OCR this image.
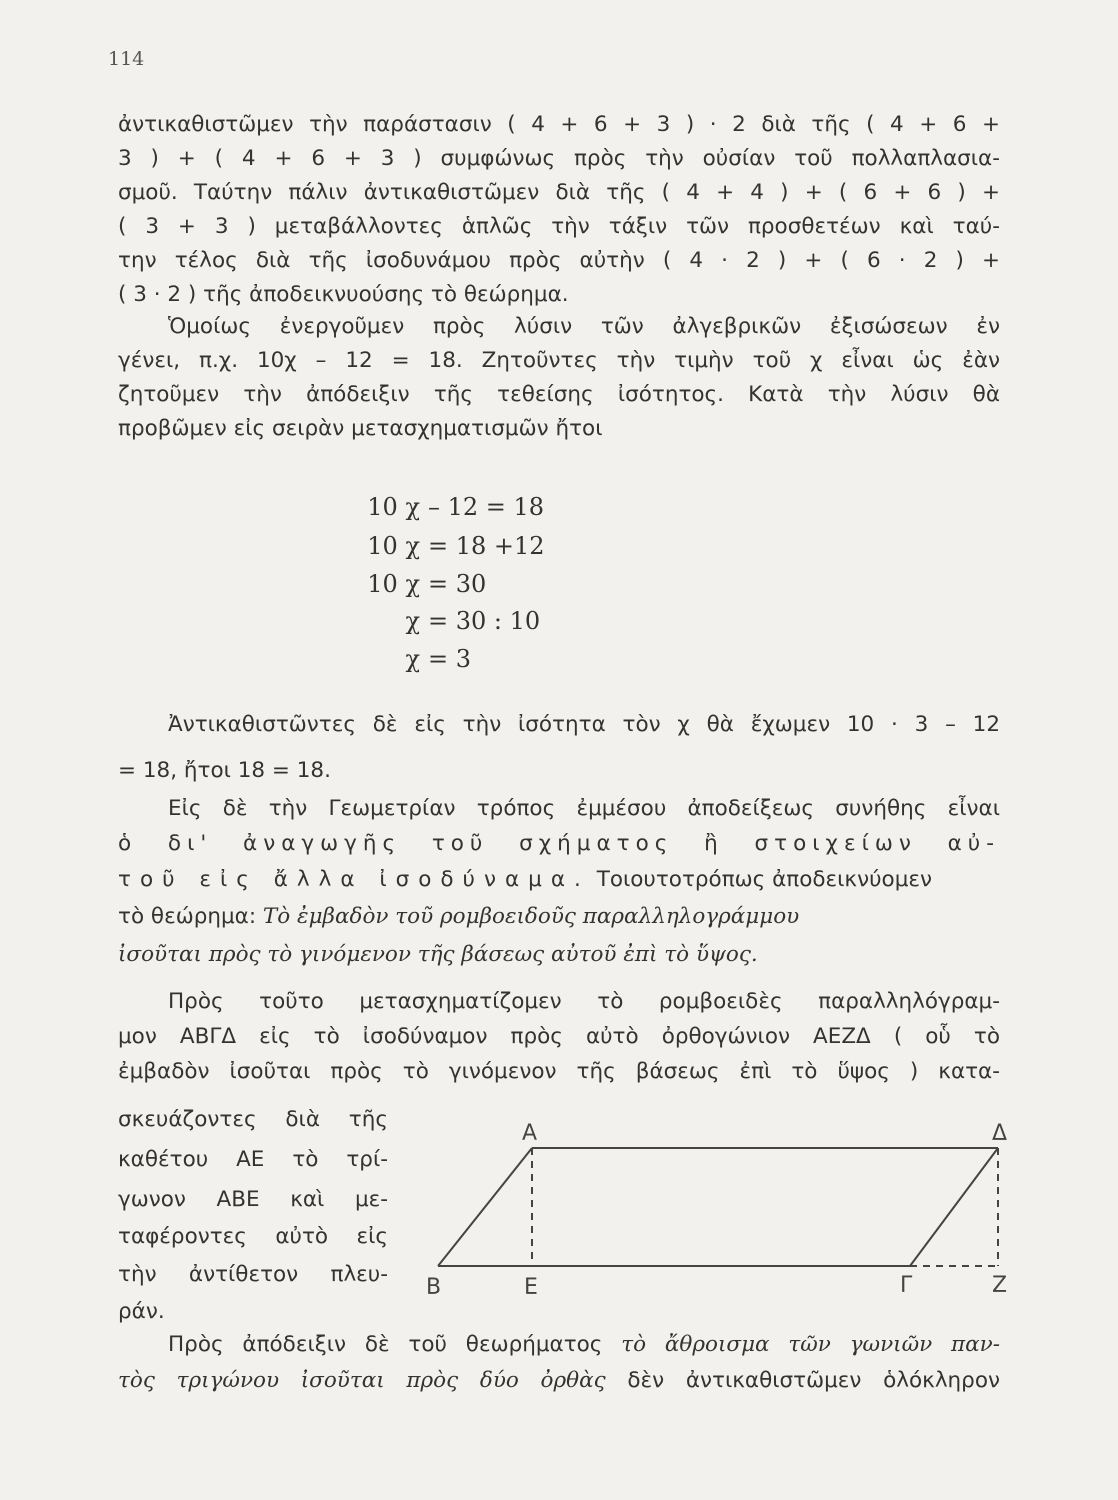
114
ἀντικαθιστῶμεν τὴν παράστασιν ( 4 + 6 + 3 ) · 2 διὰ τῆς ( 4 + 6 +
3 ) + ( 4 + 6 + 3 ) συμφώνως πρὸς τὴν οὐσίαν τοῦ πολλαπλασια-
σμοῦ. Ταύτην πάλιν ἀντικαθιστῶμεν διὰ τῆς ( 4 + 4 ) + ( 6 + 6 ) +
( 3 + 3 ) μεταβάλλοντες ἁπλῶς τὴν τάξιν τῶν προσθετέων καὶ ταύ-
την τέλος διὰ τῆς ἰσοδυνάμου πρὸς αὐτὴν ( 4 · 2 ) + ( 6 · 2 ) +
( 3 · 2 ) τῆς ἀποδεικνυούσης τὸ θεώρημα.
Ὁμοίως ἐνεργοῦμεν πρὸς λύσιν τῶν ἀλγεβρικῶν ἐξισώσεων ἐν
γένει, π.χ. 10χ – 12 = 18. Ζητοῦντες τὴν τιμὴν τοῦ χ εἶναι ὡς ἐὰν
ζητοῦμεν τὴν ἀπόδειξιν τῆς τεθείσης ἰσότητος. Κατὰ τὴν λύσιν θὰ
προβῶμεν εἰς σειρὰν μετασχηματισμῶν ἤτοι
10 χ – 12 = 18
10 χ = 18 +12
10 χ = 30
χ = 30 : 10
χ = 3
Ἀντικαθιστῶντες δὲ εἰς τὴν ἰσότητα τὸν χ θὰ ἔχωμεν 10 · 3 – 12
= 18, ἤτοι 18 = 18.
Εἰς δὲ τὴν Γεωμετρίαν τρόπος ἐμμέσου ἀποδείξεως συνήθης εἶναι
ὁ δι' ἀναγωγῆς τοῦ σχήματος ἢ στοιχείων αὐ-
τοῦ εἰς ἄλλα ἰσοδύναμα. Τοιουτοτρόπως ἀποδεικνύομεν
τὸ θεώρημα: Τὸ ἐμβαδὸν τοῦ ρομβοειδοῦς παραλληλογράμμου
ἰσοῦται πρὸς τὸ γινόμενον τῆς βάσεως αὐτοῦ ἐπὶ τὸ ὕψος.
Πρὸς τοῦτο μετασχηματίζομεν τὸ ρομβοειδὲς παραλληλόγραμ-
μον ΑΒΓΔ εἰς τὸ ἰσοδύναμον πρὸς αὐτὸ ὀρθογώνιον ΑΕΖΔ ( οὗ τὸ
ἐμβαδὸν ἰσοῦται πρὸς τὸ γινόμενον τῆς βάσεως ἐπὶ τὸ ὕψος ) κατα-
σκευάζοντες διὰ τῆς
καθέτου ΑΕ τὸ τρί-
γωνον ΑΒΕ καὶ με-
ταφέροντες αὐτὸ εἰς
τὴν ἀντίθετον πλευ-
ράν.
Α	Δ
Β	Ε	Γ	Ζ
Πρὸς ἀπόδειξιν δὲ τοῦ θεωρήματος τὸ ἄθροισμα τῶν γωνιῶν παν-
τὸς τριγώνου ἰσοῦται πρὸς δύο ὀρθὰς δὲν ἀντικαθιστῶμεν ὁλόκληρον
